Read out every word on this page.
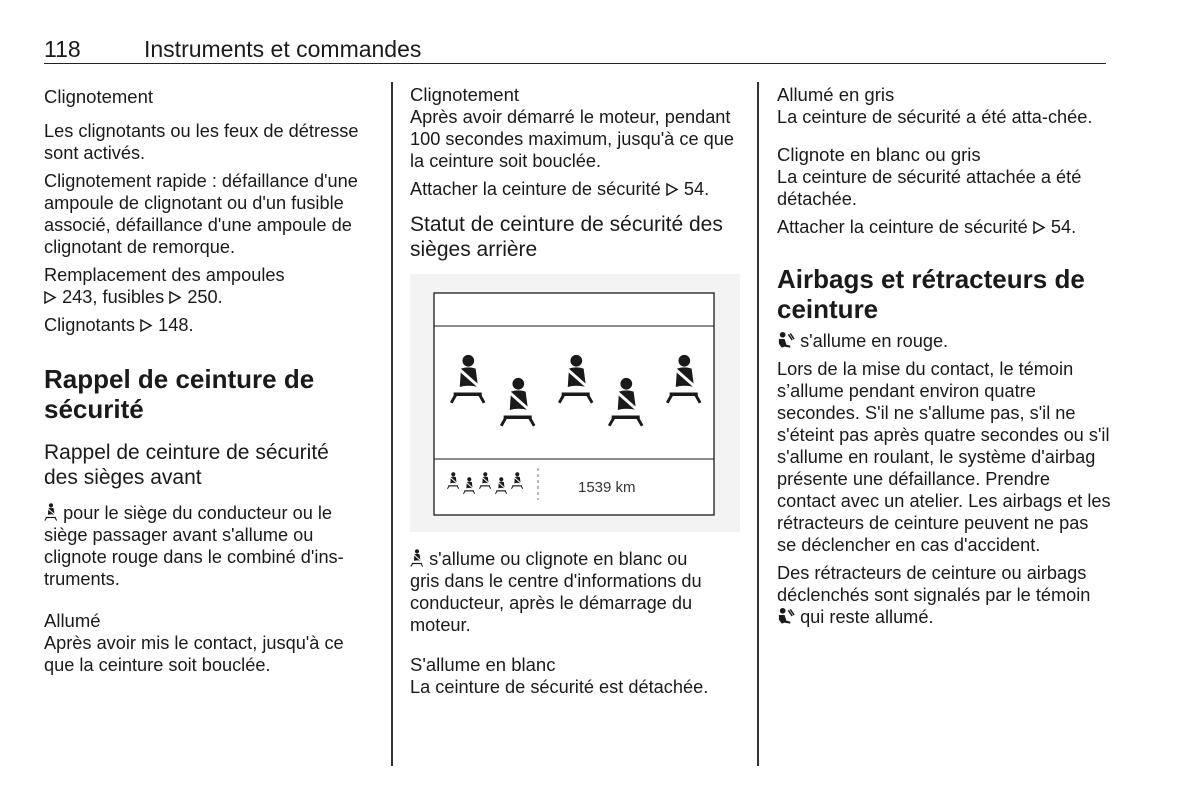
118	Instruments et commandes
Clignotement
Les clignotants ou les feux de détresse sont activés.
Clignotement rapide : défaillance d'une ampoule de clignotant ou d'un fusible associé, défaillance d'une ampoule de clignotant de remorque.
Remplacement des ampoules
243, fusibles 250.
Clignotants 148.
Rappel de ceinture de
sécurité
Rappel de ceinture de sécurité
des sièges avant
pour le siège du conducteur ou le
siège passager avant s'allume ou clignote rouge dans le combiné d'ins-truments.
Allumé
Après avoir mis le contact, jusqu'à ce que la ceinture soit bouclée.
Clignotement
Après avoir démarré le moteur, pendant 100 secondes maximum, jusqu'à ce que la ceinture soit bouclée.
Attacher la ceinture de sécurité 54.
Statut de ceinture de sécurité des
sièges arrière
1539 km
s'allume ou clignote en blanc ou
gris dans le centre d'informations du conducteur, après le démarrage du moteur.
S'allume en blanc
La ceinture de sécurité est détachée.
Allumé en gris
La ceinture de sécurité a été atta-chée.
Clignote en blanc ou gris
La ceinture de sécurité attachée a été détachée.
Attacher la ceinture de sécurité 54.
Airbags et rétracteurs de
ceinture
s'allume en rouge.
Lors de la mise du contact, le témoin s’allume pendant environ quatre secondes. S'il ne s'allume pas, s'il ne s'éteint pas après quatre secondes ou s'il s'allume en roulant, le système d'airbag présente une défaillance. Prendre contact avec un atelier. Les airbags et les rétracteurs de ceinture peuvent ne pas se déclencher en cas d'accident.
Des rétracteurs de ceinture ou airbags déclenchés sont signalés par le témoin  qui reste allumé.
